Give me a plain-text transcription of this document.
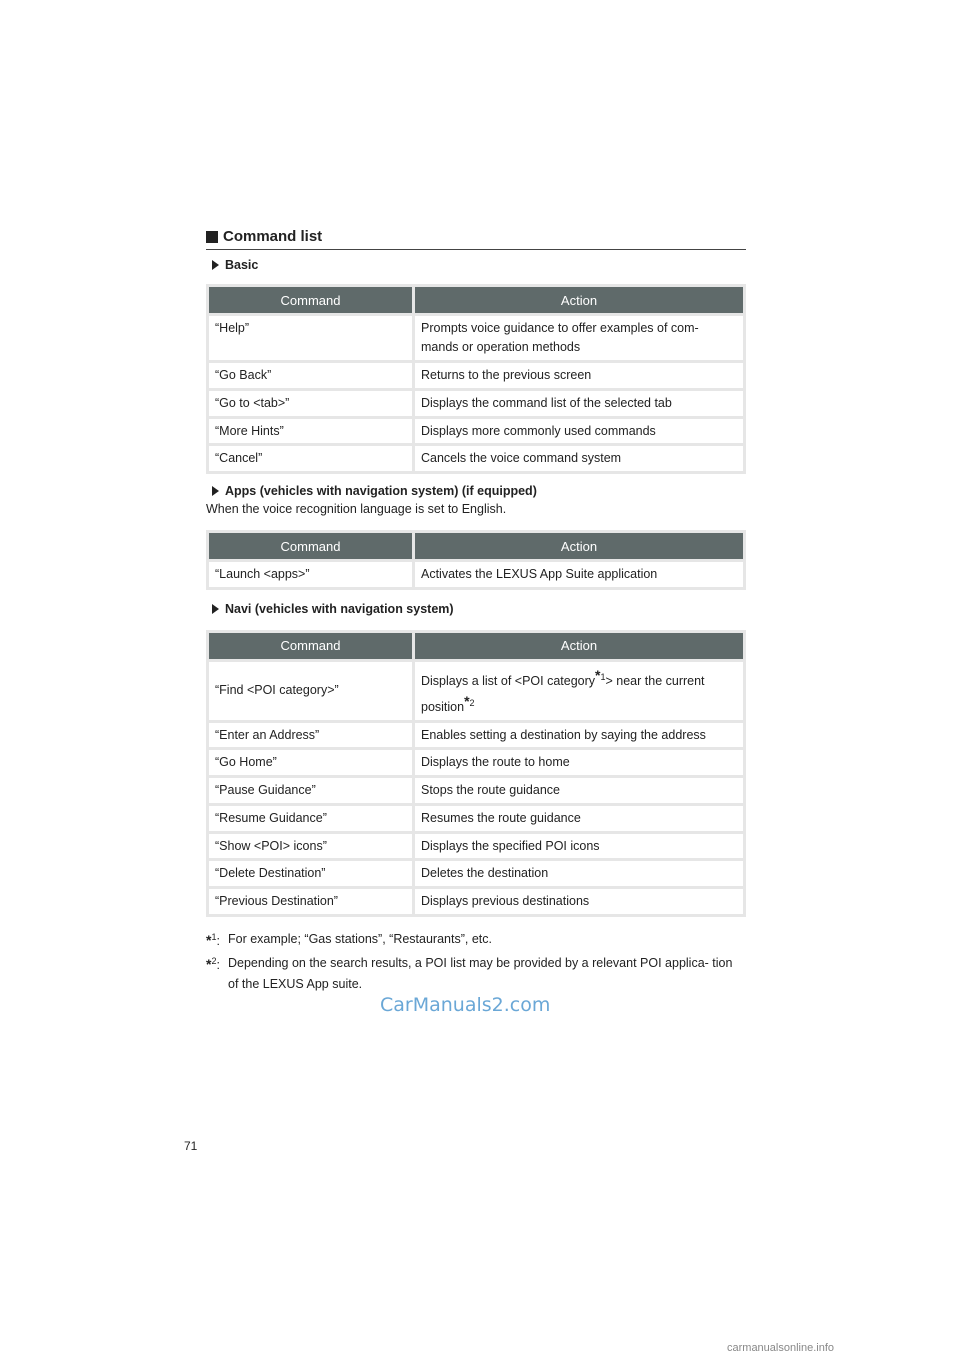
Command list
Basic
Command	Action
“Help”	Prompts voice guidance to offer examples of com- mands or operation methods
“Go Back”	Returns to the previous screen
“Go to <tab>”	Displays the command list of the selected tab
“More Hints”	Displays more commonly used commands
“Cancel”	Cancels the voice command system
Apps (vehicles with navigation system) (if equipped)
When the voice recognition language is set to English.
Command	Action
“Launch <apps>”	Activates the LEXUS App Suite application
Navi (vehicles with navigation system)
Command	Action
“Find <POI category>”	Displays a list of <POI category$^{*1}$> near the current position$^{*2}$
“Enter an Address”	Enables setting a destination by saying the address
“Go Home”	Displays the route to home
“Pause Guidance”	Stops the route guidance
“Resume Guidance”	Resumes the route guidance
“Show <POI> icons”	Displays the specified POI icons
“Delete Destination”	Deletes the destination
“Previous Destination”	Displays previous destinations
*$^1$: For example; “Gas stations”, “Restaurants”, etc.
*$^2$: Depending on the search results, a POI list may be provided by a relevant POI applica- tion of the LEXUS App suite.
CarManuals2.com
71
carmanualsonline.info
